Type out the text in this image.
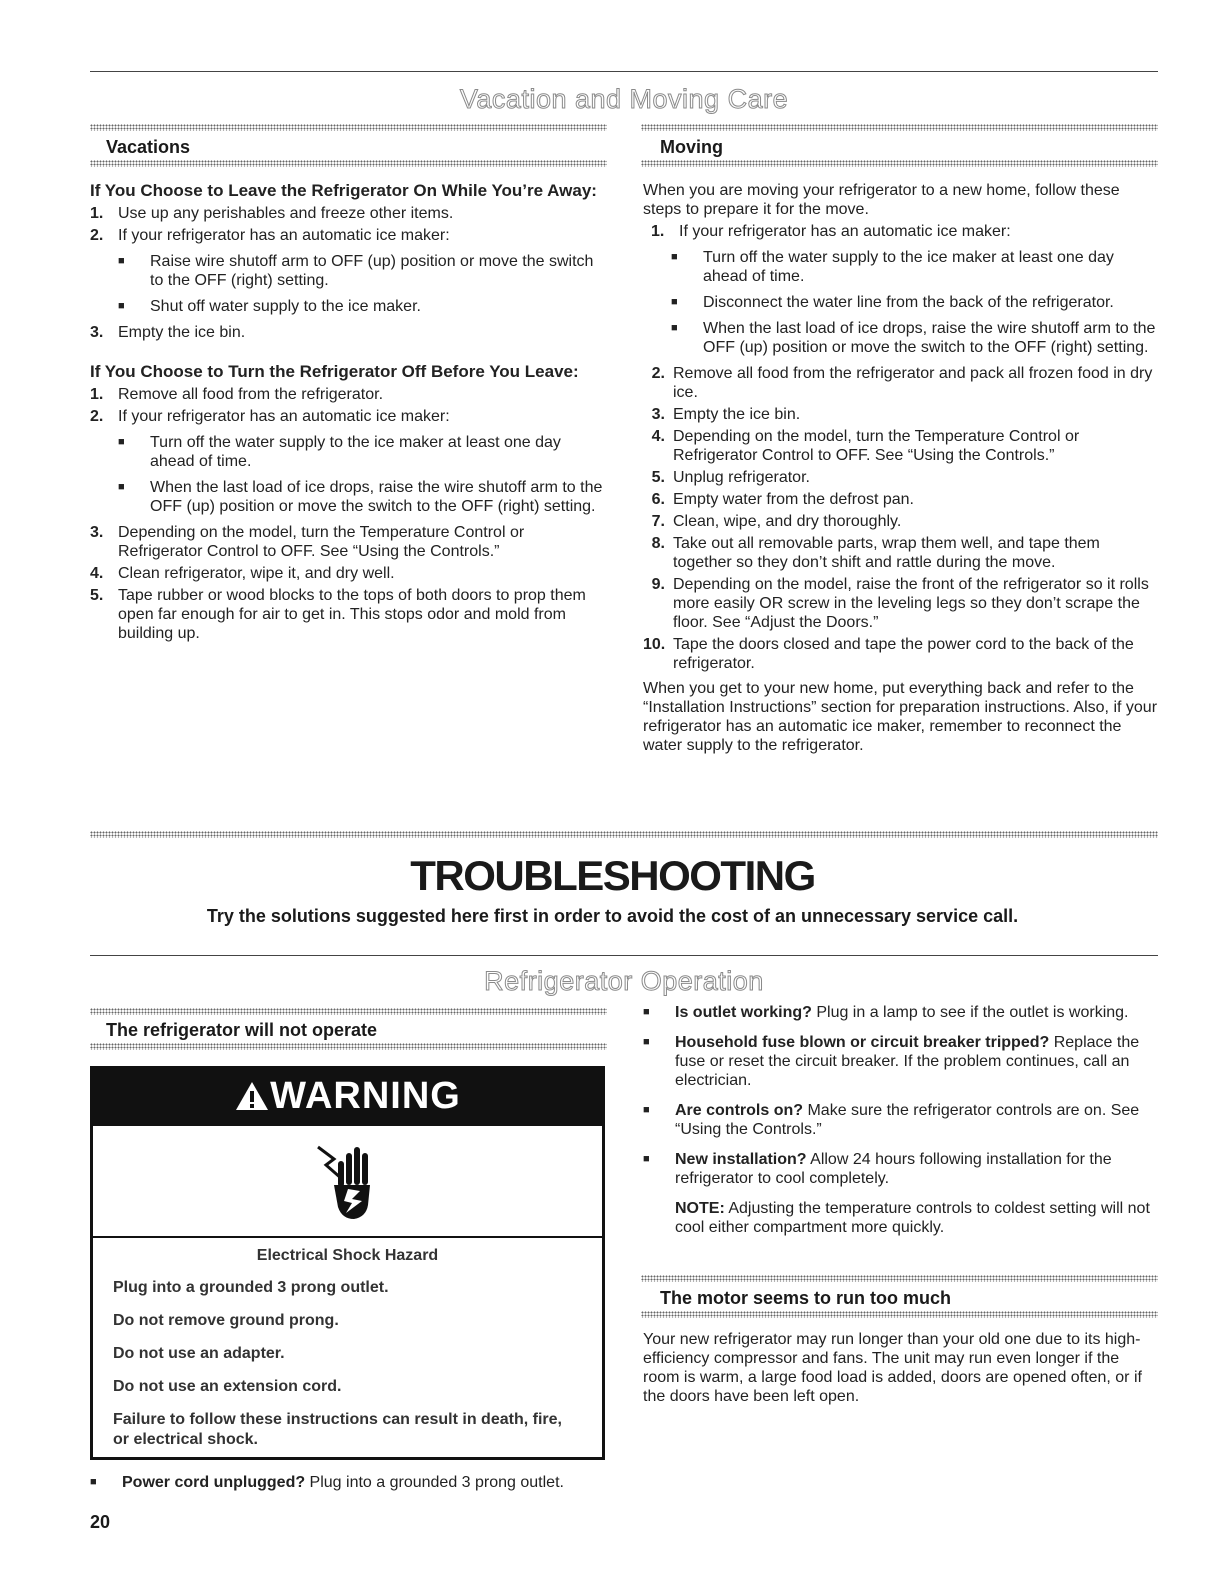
Vacation and Moving Care
Vacations	Moving
If You Choose to Leave the Refrigerator On While You’re Away:
1. Use up any perishables and freeze other items.
2. If your refrigerator has an automatic ice maker:
■	Raise wire shutoff arm to OFF (up) position or move the switch to the OFF (right) setting.
■	Shut off water supply to the ice maker.
3. Empty the ice bin.
If You Choose to Turn the Refrigerator Off Before You Leave:
1. Remove all food from the refrigerator.
2. If your refrigerator has an automatic ice maker:
■	Turn off the water supply to the ice maker at least one day ahead of time.
■	When the last load of ice drops, raise the wire shutoff arm to the OFF (up) position or move the switch to the OFF (right) setting.
3. Depending on the model, turn the Temperature Control or Refrigerator Control to OFF. See “Using the Controls.”
4. Clean refrigerator, wipe it, and dry well.
5. Tape rubber or wood blocks to the tops of both doors to prop them open far enough for air to get in. This stops odor and mold from building up.
When you are moving your refrigerator to a new home, follow these steps to prepare it for the move.
1. If your refrigerator has an automatic ice maker:
■	Turn off the water supply to the ice maker at least one day ahead of time.
■	Disconnect the water line from the back of the refrigerator.
■	When the last load of ice drops, raise the wire shutoff arm to the OFF (up) position or move the switch to the OFF (right) setting.
2. Remove all food from the refrigerator and pack all frozen food in dry ice.
3. Empty the ice bin.
4. Depending on the model, turn the Temperature Control or Refrigerator Control to OFF. See “Using the Controls.”
5. Unplug refrigerator.
6. Empty water from the defrost pan.
7. Clean, wipe, and dry thoroughly.
8. Take out all removable parts, wrap them well, and tape them together so they don’t shift and rattle during the move.
9. Depending on the model, raise the front of the refrigerator so it rolls more easily OR screw in the leveling legs so they don’t scrape the floor. See “Adjust the Doors.”
10. Tape the doors closed and tape the power cord to the back of the refrigerator.
When you get to your new home, put everything back and refer to the “Installation Instructions” section for preparation instructions. Also, if your refrigerator has an automatic ice maker, remember to reconnect the water supply to the refrigerator.
TROUBLESHOOTING
Try the solutions suggested here first in order to avoid the cost of an unnecessary service call.
Refrigerator Operation
The refrigerator will not operate
WARNING
Electrical Shock Hazard

Plug into a grounded 3 prong outlet.

Do not remove ground prong.

Do not use an adapter.

Do not use an extension cord.

Failure to follow these instructions can result in death, fire, or electrical shock.

■	Power cord unplugged? Plug into a grounded 3 prong outlet.
■	Is outlet working? Plug in a lamp to see if the outlet is working.
■	Household fuse blown or circuit breaker tripped? Replace the fuse or reset the circuit breaker. If the problem continues, call an electrician.
■	Are controls on? Make sure the refrigerator controls are on. See “Using the Controls.”
■	New installation? Allow 24 hours following installation for the refrigerator to cool completely.
NOTE: Adjusting the temperature controls to coldest setting will not cool either compartment more quickly.
The motor seems to run too much
Your new refrigerator may run longer than your old one due to its high-efficiency compressor and fans. The unit may run even longer if the room is warm, a large food load is added, doors are opened often, or if the doors have been left open.
20
